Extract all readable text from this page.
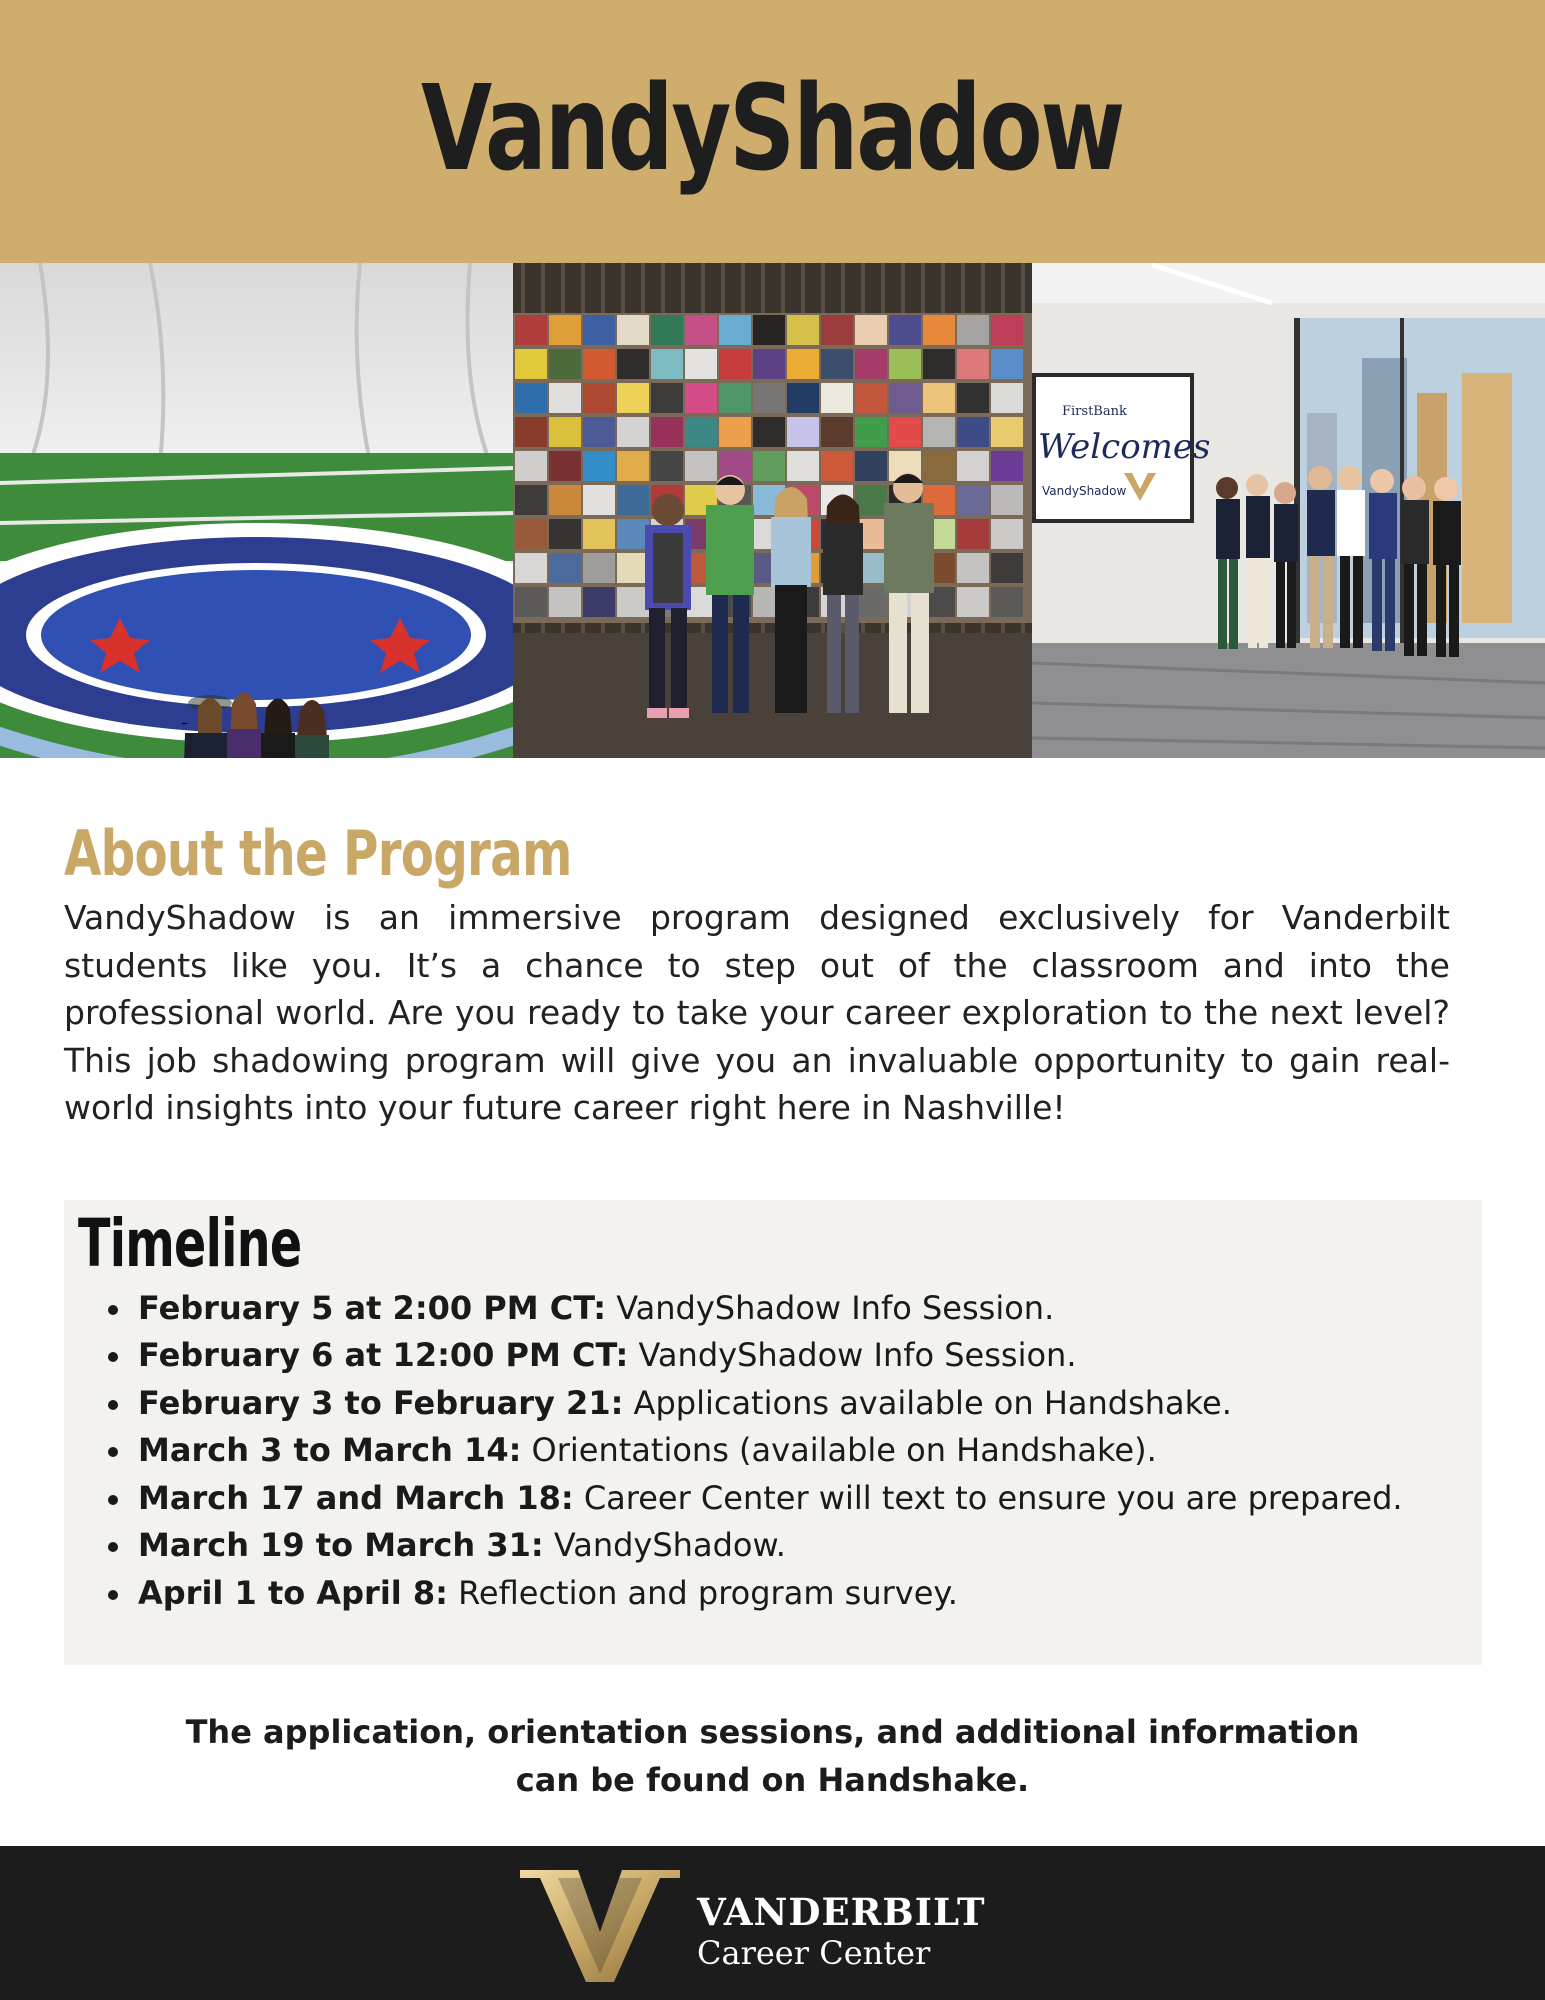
VandyShadow
FirstBank
Welcomes
VandyShadow
About the Program

VandyShadow is an immersive program designed exclusively for Vanderbilt students like you. It’s a chance to step out of the classroom and into the professional world. Are you ready to take your career exploration to the next level? This job shadowing program will give you an invaluable opportunity to gain real-world insights into your future career right here in Nashville!

Timeline
February 5 at 2:00 PM CT: VandyShadow Info Session.
February 6 at 12:00 PM CT: VandyShadow Info Session.
February 3 to February 21: Applications available on Handshake.
March 3 to March 14: Orientations (available on Handshake).
March 17 and March 18: Career Center will text to ensure you are prepared.
March 19 to March 31: VandyShadow.
April 1 to April 8: Reflection and program survey.
The application, orientation sessions, and additional information
can be found on Handshake.
VANDERBILT
Career Center
